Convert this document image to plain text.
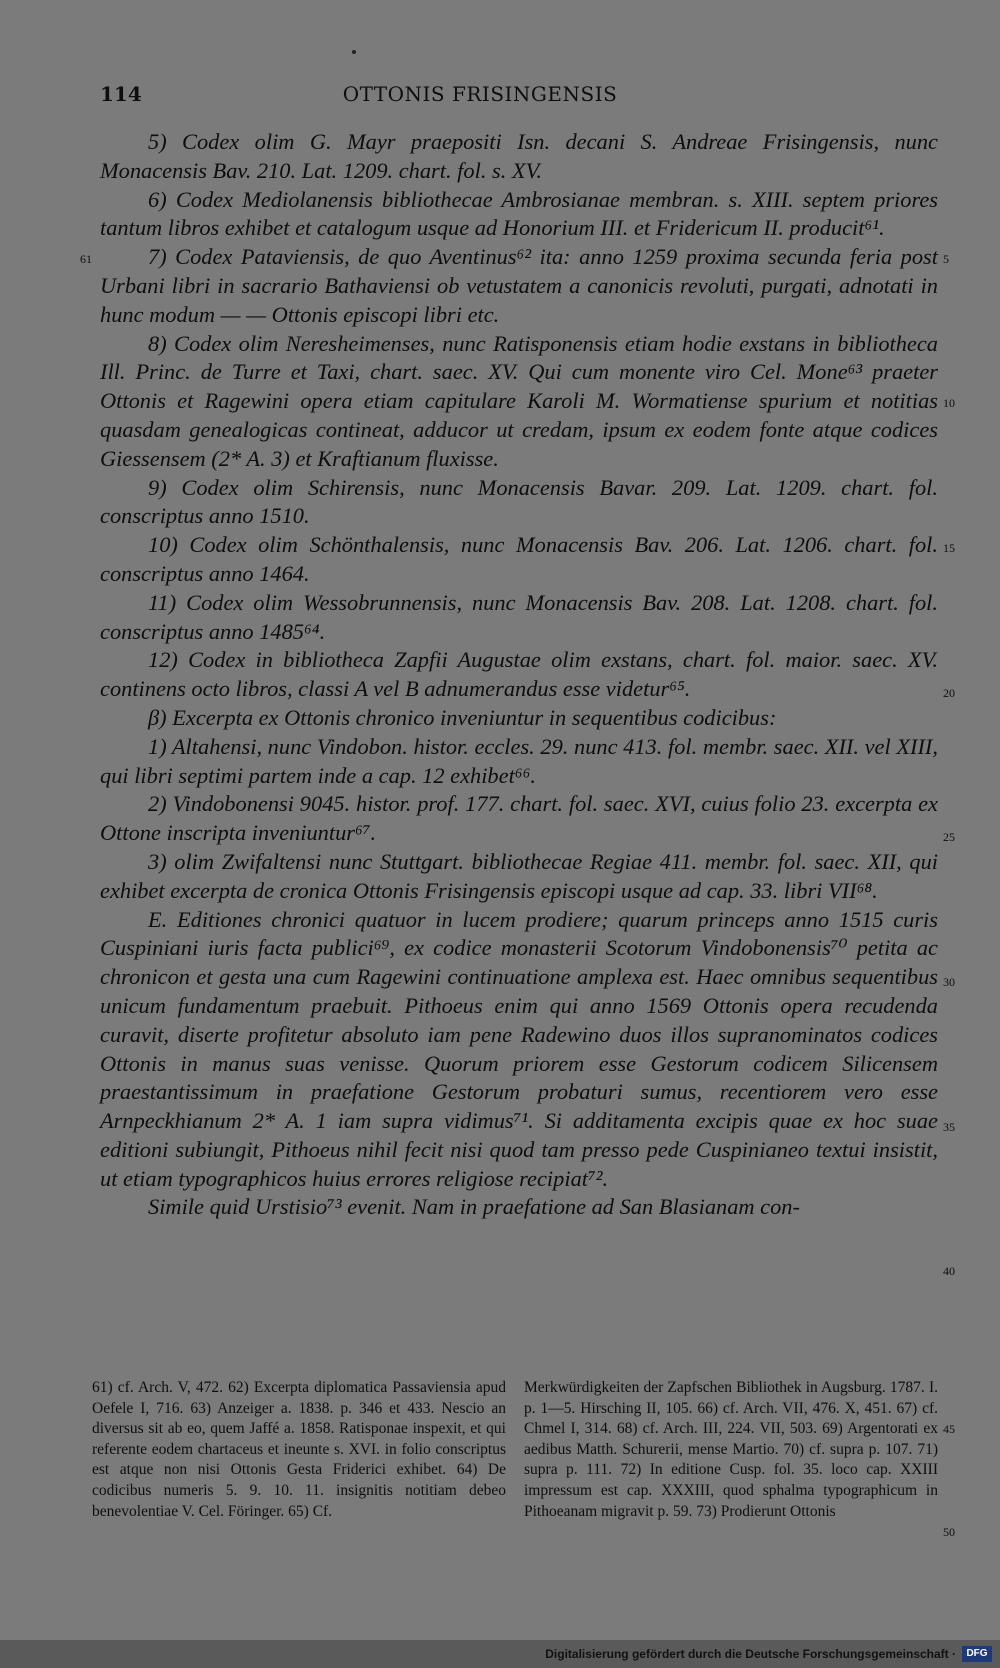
114	OTTONIS FRISINGENSIS

5) Codex olim G. Mayr praepositi Isn. decani S. Andreae Frisingensis, nunc Monacensis Bav. 210. Lat. 1209. chart. fol. s. XV.

6) Codex Mediolanensis bibliothecae Ambrosianae membran. s. XIII. septem priores tantum libros exhibet et catalogum usque ad Honorium III. et Fridericum II. producit⁶¹.

7) Codex Pataviensis, de quo Aventinus⁶² ita: anno 1259 proxima secunda feria post Urbani libri in sacrario Bathaviensi ob vetustatem a canonicis revoluti, purgati, adnotati in hunc modum — — Ottonis episcopi libri etc.

8) Codex olim Neresheimenses, nunc Ratisponensis etiam hodie exstans in bibliotheca Ill. Princ. de Turre et Taxi, chart. saec. XV. Qui cum monente viro Cel. Mone⁶³ praeter Ottonis et Ragewini opera etiam capitulare Karoli M. Wormatiense spurium et notitias quasdam genealogicas contineat, adducor ut credam, ipsum ex eodem fonte atque codices Giessensem (2* A. 3) et Kraftianum fluxisse.

9) Codex olim Schirensis, nunc Monacensis Bavar. 209. Lat. 1209. chart. fol. conscriptus anno 1510.

10) Codex olim Schönthalensis, nunc Monacensis Bav. 206. Lat. 1206. chart. fol. conscriptus anno 1464.

11) Codex olim Wessobrunnensis, nunc Monacensis Bav. 208. Lat. 1208. chart. fol. conscriptus anno 1485⁶⁴.

12) Codex in bibliotheca Zapfii Augustae olim exstans, chart. fol. maior. saec. XV. continens octo libros, classi A vel B adnumerandus esse videtur⁶⁵.

β) Excerpta ex Ottonis chronico inveniuntur in sequentibus codicibus:

1) Altahensi, nunc Vindobon. histor. eccles. 29. nunc 413. fol. membr. saec. XII. vel XIII, qui libri septimi partem inde a cap. 12 exhibet⁶⁶.

2) Vindobonensi 9045. histor. prof. 177. chart. fol. saec. XVI, cuius folio 23. excerpta ex Ottone inscripta inveniuntur⁶⁷.

3) olim Zwifaltensi nunc Stuttgart. bibliothecae Regiae 411. membr. fol. saec. XII, qui exhibet excerpta de cronica Ottonis Frisingensis episcopi usque ad cap. 33. libri VII⁶⁸.

E. Editiones chronici quatuor in lucem prodiere; quarum princeps anno 1515 curis Cuspiniani iuris facta publici⁶⁹, ex codice monasterii Scotorum Vindobonensis⁷⁰ petita ac chronicon et gesta una cum Ragewini continuatione amplexa est. Haec omnibus sequentibus unicum fundamentum praebuit. Pithoeus enim qui anno 1569 Ottonis opera recudenda curavit, diserte profitetur absoluto iam pene Radewino duos illos supranominatos codices Ottonis in manus suas venisse. Quorum priorem esse Gestorum codicem Silicensem praestantissimum in praefatione Gestorum probaturi sumus, recentiorem vero esse Arnpeckhianum 2* A. 1 iam supra vidimus⁷¹. Si additamenta excipis quae ex hoc suae editioni subiungit, Pithoeus nihil fecit nisi quod tam presso pede Cuspinianeo textui insistit, ut etiam typographicos huius errores religiose recipiat⁷².

Simile quid Urstisio⁷³ evenit. Nam in praefatione ad San Blasianam con-

61	5
10
15
20
25
30
35
40
45
50

61) cf. Arch. V, 472. 62) Excerpta diplomatica Passaviensia apud Oefele I, 716. 63) Anzeiger a. 1838. p. 346 et 433. Nescio an diversus sit ab eo, quem Jaffé a. 1858. Ratisponae inspexit, et qui referente eodem chartaceus et ineunte s. XVI. in folio conscriptus est atque non nisi Ottonis Gesta Friderici exhibet. 64) De codicibus numeris 5. 9. 10. 11. insignitis notitiam debeo benevolentiae V. Cel. Föringer. 65) Cf.

Merkwürdigkeiten der Zapfschen Bibliothek in Augsburg. 1787. I. p. 1—5. Hirsching II, 105. 66) cf. Arch. VII, 476. X, 451. 67) cf. Chmel I, 314. 68) cf. Arch. III, 224. VII, 503. 69) Argentorati ex aedibus Matth. Schurerii, mense Martio. 70) cf. supra p. 107. 71) supra p. 111. 72) In editione Cusp. fol. 35. loco cap. XXIII impressum est cap. XXXIII, quod sphalma typographicum in Pithoeanam migravit p. 59. 73) Prodierunt Ottonis

Digitalisierung gefördert durch die Deutsche Forschungsgemeinschaft ·	DFG
